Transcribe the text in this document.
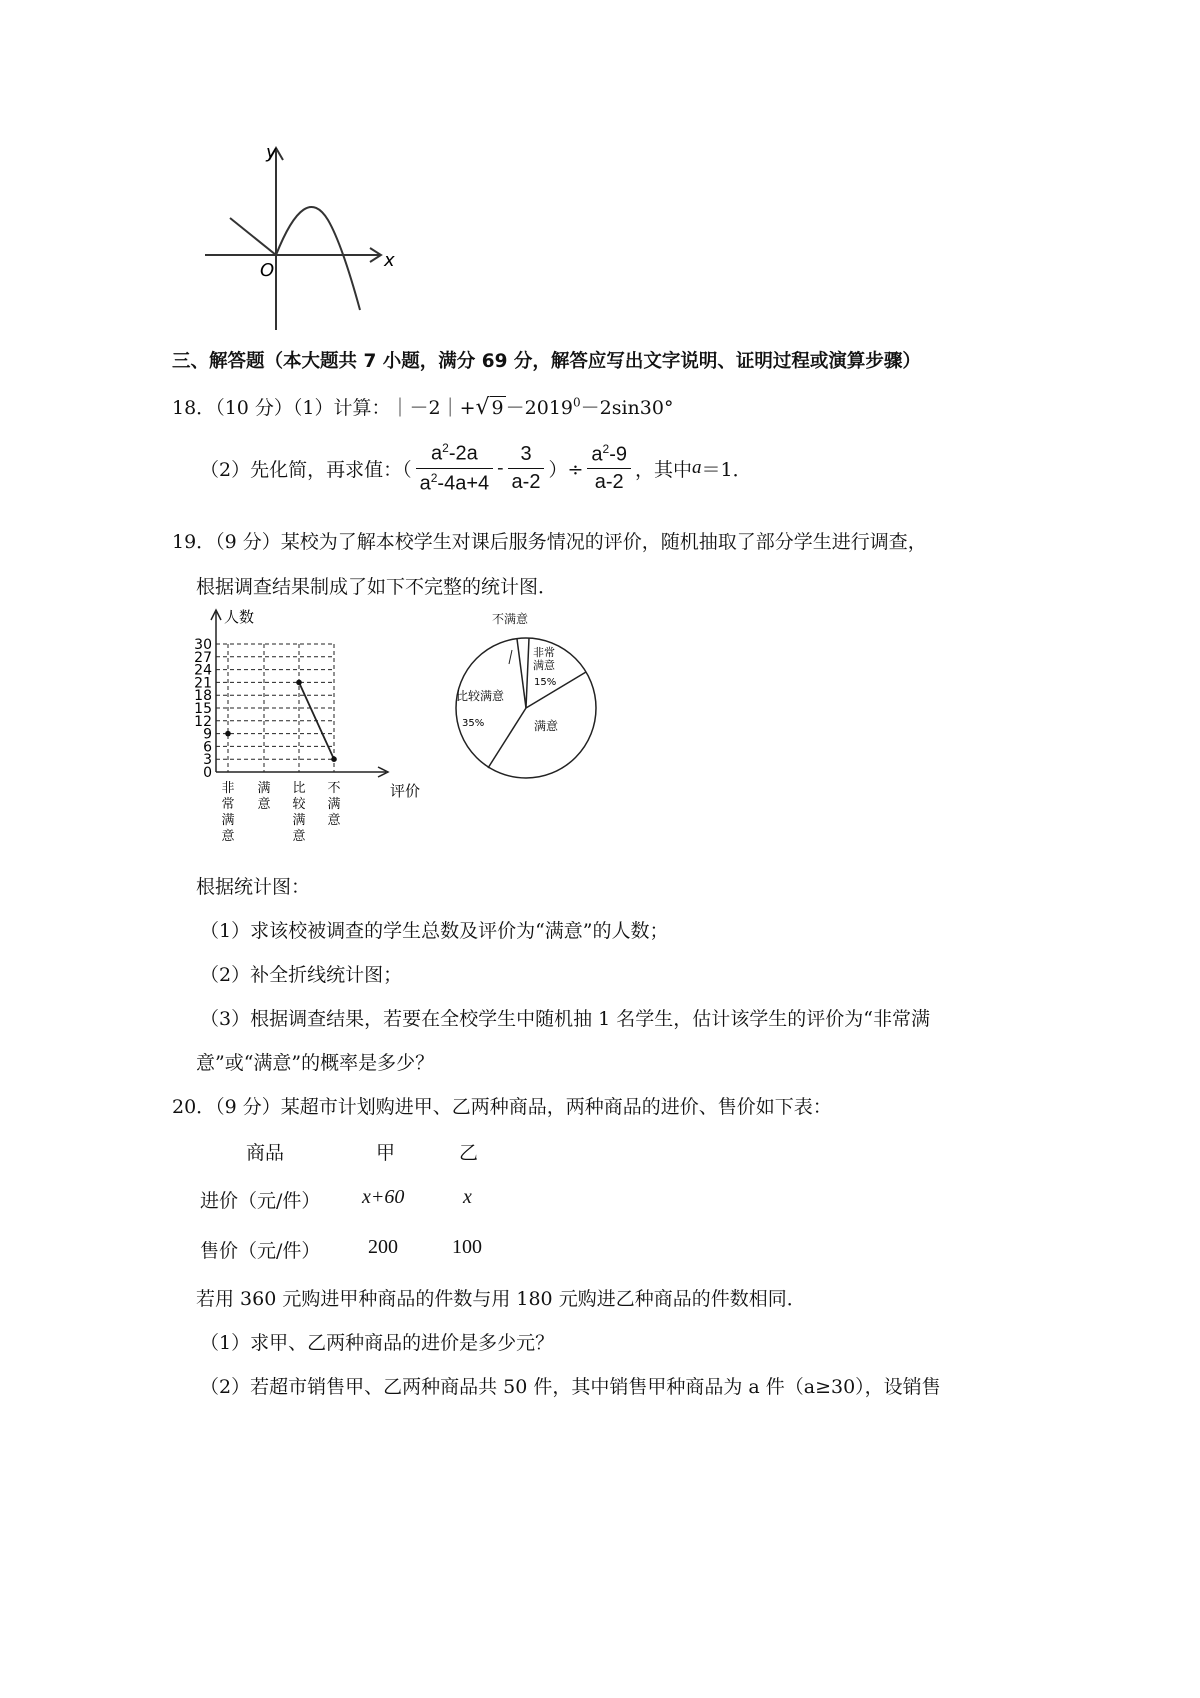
y
x
O
三、解答题（本大题共 7 小题，满分 69 分，解答应写出文字说明、证明过程或演算步骤）
18．（10 分）（1）计算：｜－2｜+√ $9 -2019^0-2\sin 30^\circ$
（2）先化简，再求值：（ $\frac{a^2-2a}{a^2-4a+4} - \frac{3}{a-2}$ ）÷ $\frac{a^2-9}{a-2}$ ，其中 a ＝1．
19．（9 分）某校为了解本校学生对课后服务情况的评价，随机抽取了部分学生进行调查，
根据调查结果制成了如下不完整的统计图．
0
3
6
9
12
15
18
21
24
27
30
非
常
满
意
满
意
比
较
满
意
不
满
意
人数
评价
非常
满意
15%
满意
比较满意
35%
不满意
根据统计图：
（1）求该校被调查的学生总数及评价为“满意”的人数；
（2）补全折线统计图；
（3）根据调查结果，若要在全校学生中随机抽 1 名学生，估计该学生的评价为“非常满
意”或“满意”的概率是多少？
20．（9 分）某超市计划购进甲、乙两种商品，两种商品的进价、售价如下表：
商品	甲	乙
进价（元/件） x+60	x
售价（元/件） 200	100
若用 360 元购进甲种商品的件数与用 180 元购进乙种商品的件数相同．
（1）求甲、乙两种商品的进价是多少元？
（2）若超市销售甲、乙两种商品共 50 件，其中销售甲种商品为 a 件（a≥30），设销售
